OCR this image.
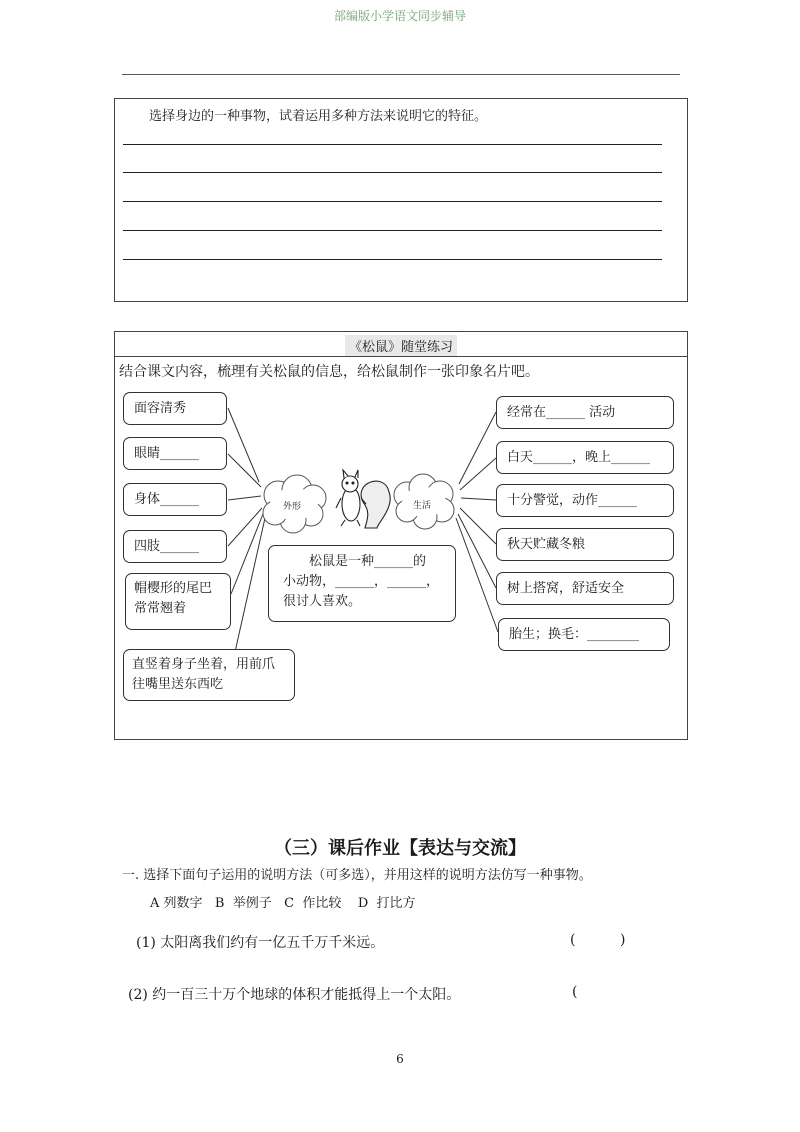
部编版小学语文同步辅导
选择身边的一种事物，试着运用多种方法来说明它的特征。
《松鼠》随堂练习
结合课文内容，梳理有关松鼠的信息，给松鼠制作一张印象名片吧。
外形	生活
面容清秀
眼睛______
身体______
四肢______
帽樱形的尾巴常常翘着
直竖着身子坐着，用前爪往嘴里送东西吃
松鼠是一种______的
小动物，______，______，
很讨人喜欢。
经常在______ 活动
白天______，晚上______
十分警觉，动作______
秋天贮藏冬粮
树上搭窝，舒适安全
胎生；换毛：________
（三）课后作业【表达与交流】
一. 选择下面句子运用的说明方法（可多选），并用这样的说明方法仿写一种事物。
A 列数字   B  举例子   C  作比较    D  打比方
(1) 太阳离我们约有一亿五千万千米远。	(          )
(2) 约一百三十万个地球的体积才能抵得上一个太阳。	(
6
